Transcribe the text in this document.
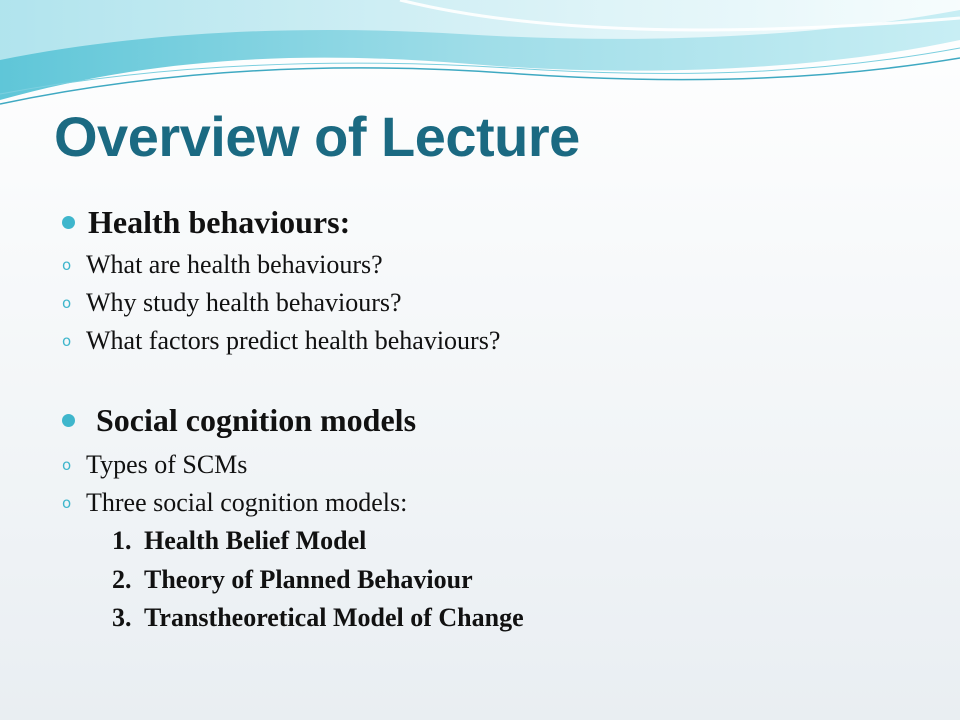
Overview of Lecture
Health behaviours:
o What are health behaviours?
o Why study health behaviours?
o What factors predict health behaviours?
Social cognition models
o Types of SCMs
o Three social cognition models:
1. Health Belief Model
2. Theory of Planned Behaviour
3. Transtheoretical Model of Change
